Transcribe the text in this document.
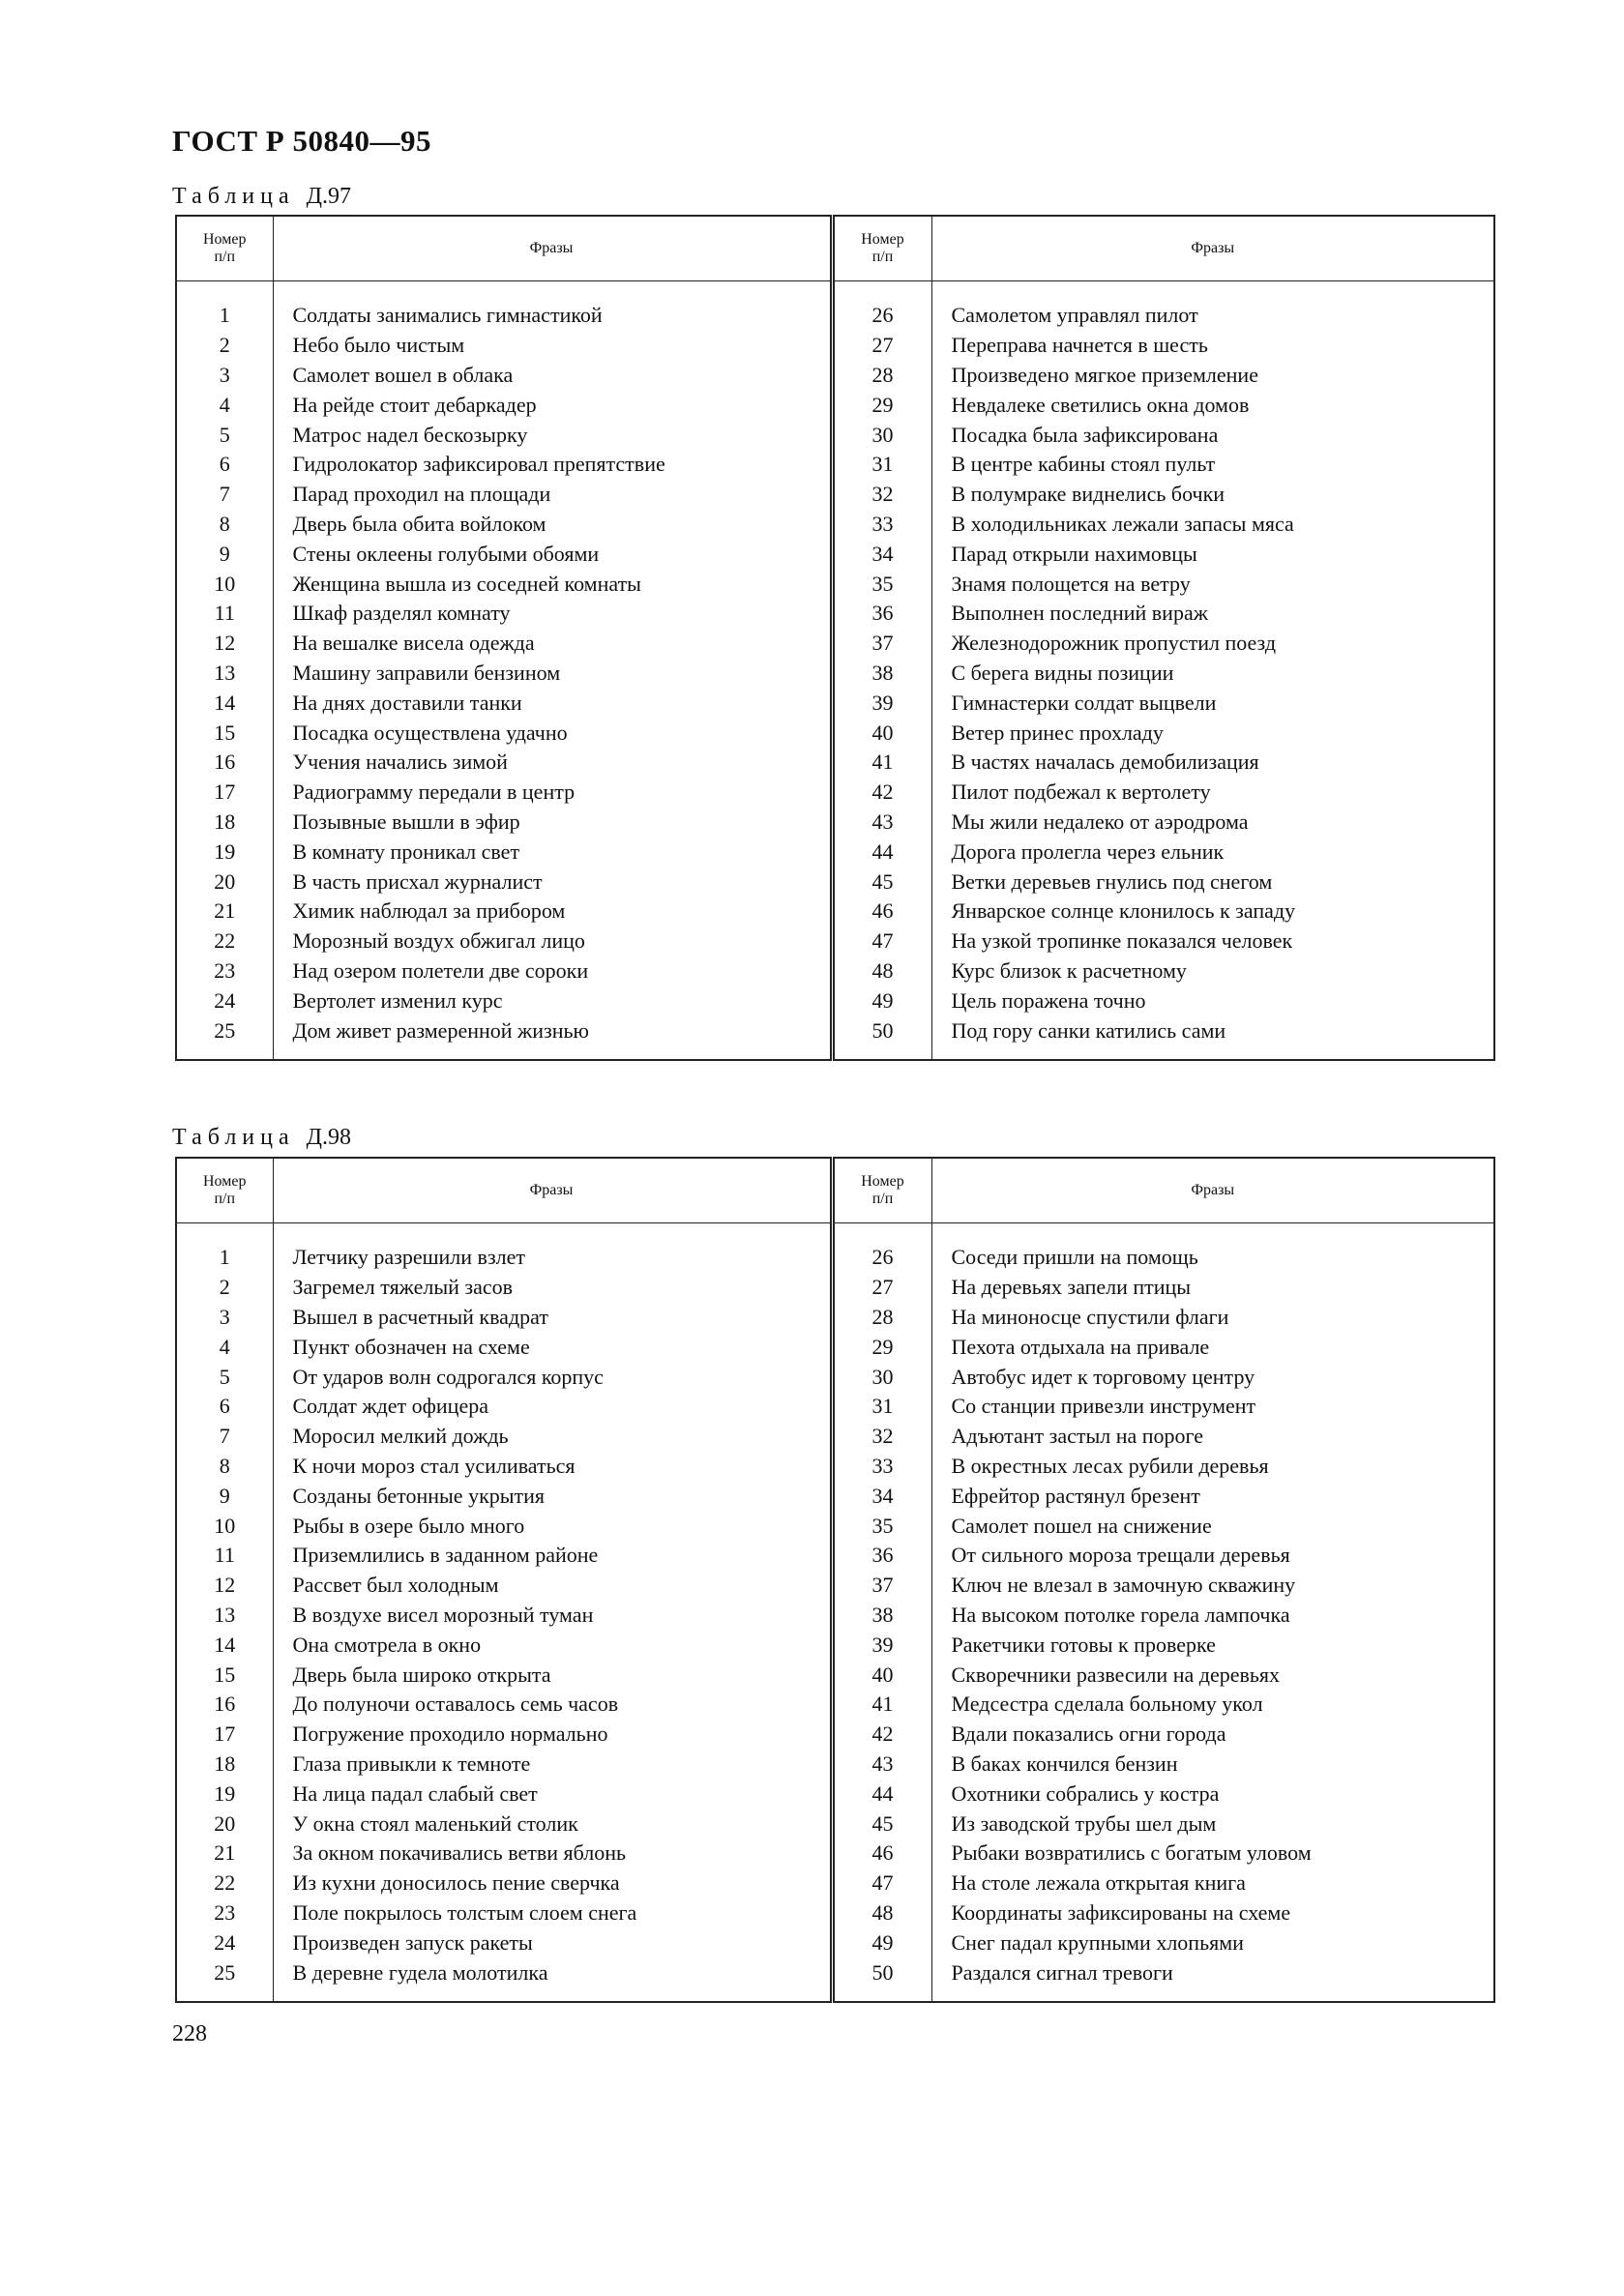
ГОСТ Р 50840—95
Таблица Д.97
Номер
п/п	Фразы	Номер
п/п	Фразы
1	Солдаты занимались гимнастикой	26	Самолетом управлял пилот
2	Небо было чистым	27	Переправа начнется в шесть
3	Самолет вошел в облака	28	Произведено мягкое приземление
4	На рейде стоит дебаркадер	29	Невдалеке светились окна домов
5	Матрос надел бескозырку	30	Посадка была зафиксирована
6	Гидролокатор зафиксировал препятствие	31	В центре кабины стоял пульт
7	Парад проходил на площади	32	В полумраке виднелись бочки
8	Дверь была обита войлоком	33	В холодильниках лежали запасы мяса
9	Стены оклеены голубыми обоями	34	Парад открыли нахимовцы
10	Женщина вышла из соседней комнаты	35	Знамя полощется на ветру
11	Шкаф разделял комнату	36	Выполнен последний вираж
12	На вешалке висела одежда	37	Железнодорожник пропустил поезд
13	Машину заправили бензином	38	С берега видны позиции
14	На днях доставили танки	39	Гимнастерки солдат выцвели
15	Посадка осуществлена удачно	40	Ветер принес прохладу
16	Учения начались зимой	41	В частях началась демобилизация
17	Радиограмму передали в центр	42	Пилот подбежал к вертолету
18	Позывные вышли в эфир	43	Мы жили недалеко от аэродрома
19	В комнату проникал свет	44	Дорога пролегла через ельник
20	В часть присхал журналист	45	Ветки деревьев гнулись под снегом
21	Химик наблюдал за прибором	46	Январское солнце клонилось к западу
22	Морозный воздух обжигал лицо	47	На узкой тропинке показался человек
23	Над озером полетели две сороки	48	Курс близок к расчетному
24	Вертолет изменил курс	49	Цель поражена точно
25	Дом живет размеренной жизнью	50	Под гору санки катились сами
Таблица Д.98
Номер
п/п	Фразы	Номер
п/п	Фразы
1	Летчику разрешили взлет	26	Соседи пришли на помощь
2	Загремел тяжелый засов	27	На деревьях запели птицы
3	Вышел в расчетный квадрат	28	На миноносце спустили флаги
4	Пункт обозначен на схеме	29	Пехота отдыхала на привале
5	От ударов волн содрогался корпус	30	Автобус идет к торговому центру
6	Солдат ждет офицера	31	Со станции привезли инструмент
7	Моросил мелкий дождь	32	Адъютант застыл на пороге
8	К ночи мороз стал усиливаться	33	В окрестных лесах рубили деревья
9	Созданы бетонные укрытия	34	Ефрейтор растянул брезент
10	Рыбы в озере было много	35	Самолет пошел на снижение
11	Приземлились в заданном районе	36	От сильного мороза трещали деревья
12	Рассвет был холодным	37	Ключ не влезал в замочную скважину
13	В воздухе висел морозный туман	38	На высоком потолке горела лампочка
14	Она смотрела в окно	39	Ракетчики готовы к проверке
15	Дверь была широко открыта	40	Скворечники развесили на деревьях
16	До полуночи оставалось семь часов	41	Медсестра сделала больному укол
17	Погружение проходило нормально	42	Вдали показались огни города
18	Глаза привыкли к темноте	43	В баках кончился бензин
19	На лица падал слабый свет	44	Охотники собрались у костра
20	У окна стоял маленький столик	45	Из заводской трубы шел дым
21	За окном покачивались ветви яблонь	46	Рыбаки возвратились с богатым уловом
22	Из кухни доносилось пение сверчка	47	На столе лежала открытая книга
23	Поле покрылось толстым слоем снега	48	Координаты зафиксированы на схеме
24	Произведен запуск ракеты	49	Снег падал крупными хлопьями
25	В деревне гудела молотилка	50	Раздался сигнал тревоги
228
